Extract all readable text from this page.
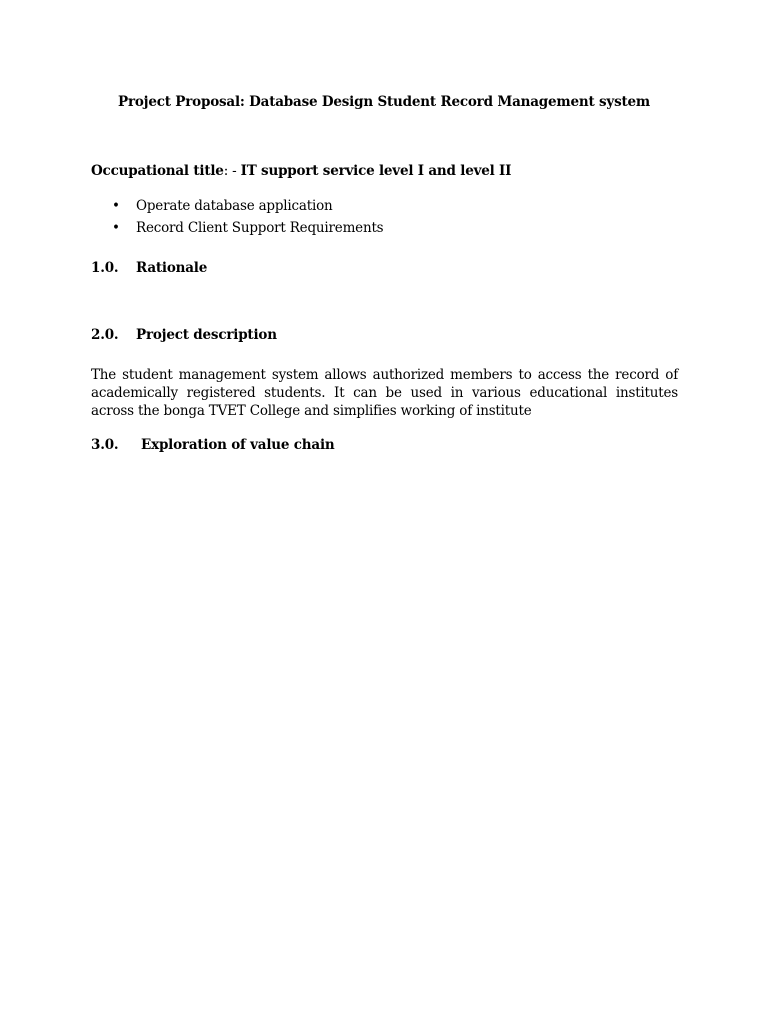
Project Proposal: Database Design Student Record Management system
Occupational title: - IT support service level I and level II
• Operate database application
• Record Client Support Requirements
1.0. Rationale
2.0. Project description
The student management system allows authorized members to access the record of academically registered students. It can be used in various educational institutes across the bonga TVET College and simplifies working of institute
3.0. Exploration of value chain
